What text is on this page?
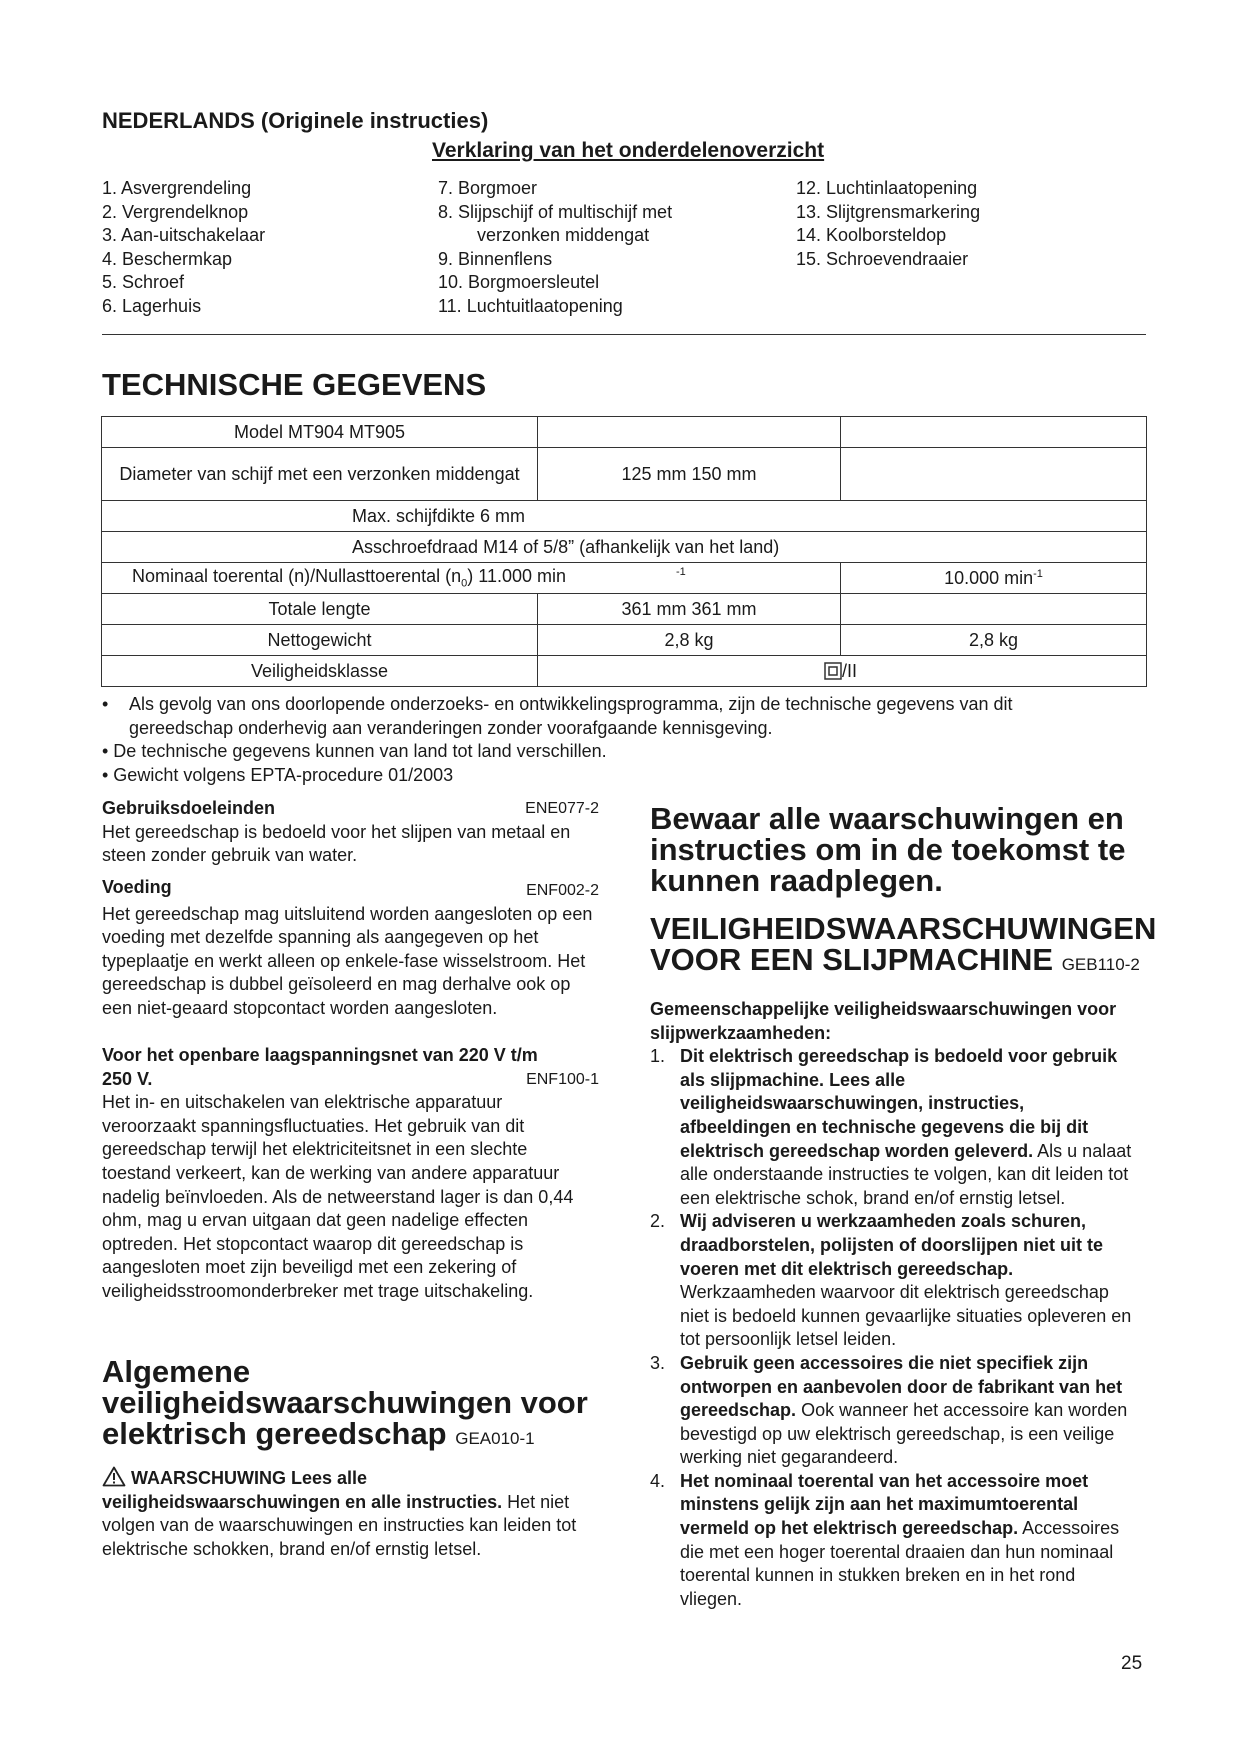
NEDERLANDS (Originele instructies)
Verklaring van het onderdelenoverzicht
1. Asvergrendeling
2. Vergrendelknop
3. Aan-uitschakelaar
4. Beschermkap
5. Schroef
6. Lagerhuis
7. Borgmoer
8. Slijpschijf of multischijf met
verzonken middengat
9. Binnenflens
10. Borgmoersleutel
11. Luchtuitlaatopening
12. Luchtinlaatopening
13. Slijtgrensmarkering
14. Koolborsteldop
15. Schroevendraaier
TECHNISCHE GEGEVENS
Model MT904 MT905		
Diameter van schijf met een verzonken middengat	125 mm 150 mm	
Max. schijfdikte 6 mm		
Asschroefdraad M14 of 5/8” (afhankelijk van het land)		
Nominaal toerental (n)/Nullasttoerental $(n_0)$ 11.000 min $^{-1}$		10.000 $\min^{-1}$
Totale lengte	361 mm 361 mm	
Nettogewicht	2,8 kg	2,8 kg
Veiligheidsklasse	/II	
• Als gevolg van ons doorlopende onderzoeks- en ontwikkelingsprogramma, zijn de technische gegevens van dit gereedschap onderhevig aan veranderingen zonder voorafgaande kennisgeving.
• De technische gegevens kunnen van land tot land verschillen.
• Gewicht volgens EPTA-procedure 01/2003
Gebruiksdoeleinden	ENE077-2
Het gereedschap is bedoeld voor het slijpen van metaal en steen zonder gebruik van water.
Voeding	ENF002-2
Het gereedschap mag uitsluitend worden aangesloten op een voeding met dezelfde spanning als aangegeven op het typeplaatje en werkt alleen op enkele-fase wisselstroom. Het gereedschap is dubbel geïsoleerd en mag derhalve ook op een niet-geaard stopcontact worden aangesloten.
Voor het openbare laagspanningsnet van 220 V t/m
250 V.	ENF100-1
Het in- en uitschakelen van elektrische apparatuur veroorzaakt spanningsfluctuaties. Het gebruik van dit gereedschap terwijl het elektriciteitsnet in een slechte toestand verkeert, kan de werking van andere apparatuur nadelig beïnvloeden. Als de netweerstand lager is dan 0,44 ohm, mag u ervan uitgaan dat geen nadelige effecten optreden. Het stopcontact waarop dit gereedschap is aangesloten moet zijn beveiligd met een zekering of veiligheidsstroomonderbreker met trage uitschakeling.
Algemene veiligheidswaarschuwingen voor elektrisch gereedschap GEA010-1
WAARSCHUWING Lees alle veiligheidswaarschuwingen en alle instructies. Het niet volgen van de waarschuwingen en instructies kan leiden tot elektrische schokken, brand en/of ernstig letsel.
Bewaar alle waarschuwingen en instructies om in de toekomst te kunnen raadplegen.
VEILIGHEIDSWAARSCHUWINGEN VOOR EEN SLIJPMACHINE GEB110-2
Gemeenschappelijke veiligheidswaarschuwingen voor slijpwerkzaamheden:
1. Dit elektrisch gereedschap is bedoeld voor gebruik als slijpmachine. Lees alle veiligheidswaarschuwingen, instructies, afbeeldingen en technische gegevens die bij dit elektrisch gereedschap worden geleverd. Als u nalaat alle onderstaande instructies te volgen, kan dit leiden tot een elektrische schok, brand en/of ernstig letsel.
2. Wij adviseren u werkzaamheden zoals schuren, draadborstelen, polijsten of doorslijpen niet uit te voeren met dit elektrisch gereedschap. Werkzaamheden waarvoor dit elektrisch gereedschap niet is bedoeld kunnen gevaarlijke situaties opleveren en tot persoonlijk letsel leiden.
3. Gebruik geen accessoires die niet specifiek zijn ontworpen en aanbevolen door de fabrikant van het gereedschap. Ook wanneer het accessoire kan worden bevestigd op uw elektrisch gereedschap, is een veilige werking niet gegarandeerd.
4. Het nominaal toerental van het accessoire moet minstens gelijk zijn aan het maximumtoerental vermeld op het elektrisch gereedschap. Accessoires die met een hoger toerental draaien dan hun nominaal toerental kunnen in stukken breken en in het rond vliegen.
25
